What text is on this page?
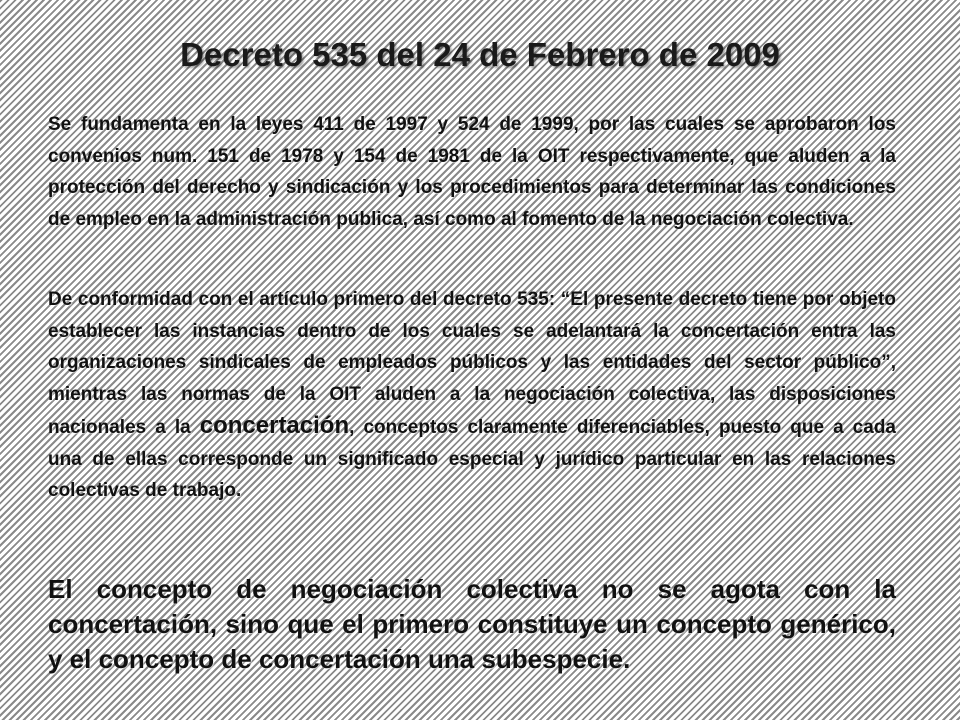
Decreto 535 del 24 de Febrero de 2009
Se fundamenta en la leyes 411 de 1997 y 524 de 1999, por las cuales se aprobaron los convenios num. 151 de 1978 y 154 de 1981 de la OIT respectivamente, que aluden a la protección del derecho y sindicación y los procedimientos para determinar las condiciones de empleo en la administración pública, así como al fomento de la negociación colectiva.
De conformidad con el artículo primero del decreto 535: “El presente decreto tiene por objeto establecer las instancias dentro de los cuales se adelantará la concertación entra las organizaciones sindicales de empleados públicos y las entidades del sector público”, mientras las normas de la OIT aluden a la negociación colectiva, las disposiciones nacionales a la concertación, conceptos claramente diferenciables, puesto que a cada una de ellas corresponde un significado especial y jurídico particular en las relaciones colectivas de trabajo.
El concepto de negociación colectiva no se agota con la concertación, sino que el primero constituye un concepto genérico, y el concepto de concertación una subespecie.
